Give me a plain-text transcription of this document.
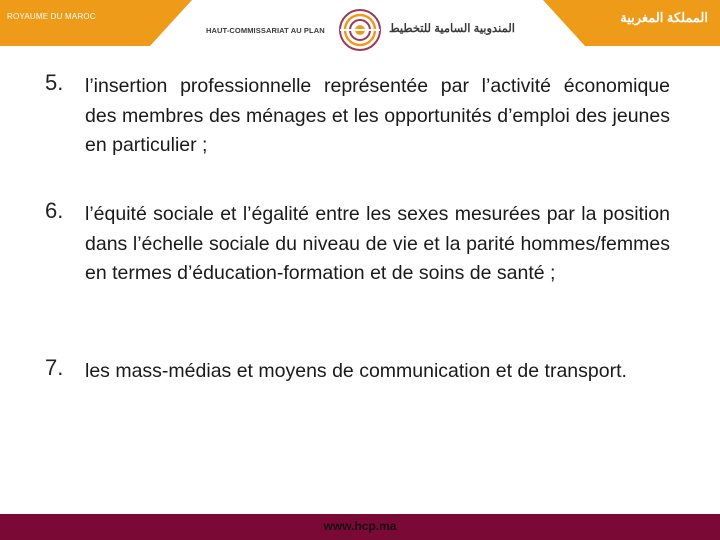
ROYAUME DU MAROC	المملكة المغربية
HAUT-COMMISSARIAT AU PLAN	المندوبية السامية للتخطيط
5. l’insertion professionnelle représentée par l’activité économique des membres des ménages et les opportunités d’emploi des jeunes en particulier ;
6. l’équité sociale et l’égalité entre les sexes mesurées par la position dans l’échelle sociale du niveau de vie et la parité hommes/femmes en termes d’éducation-formation et de soins de santé ;
7. les mass-médias et moyens de communication et de transport.
www.hcp.ma
